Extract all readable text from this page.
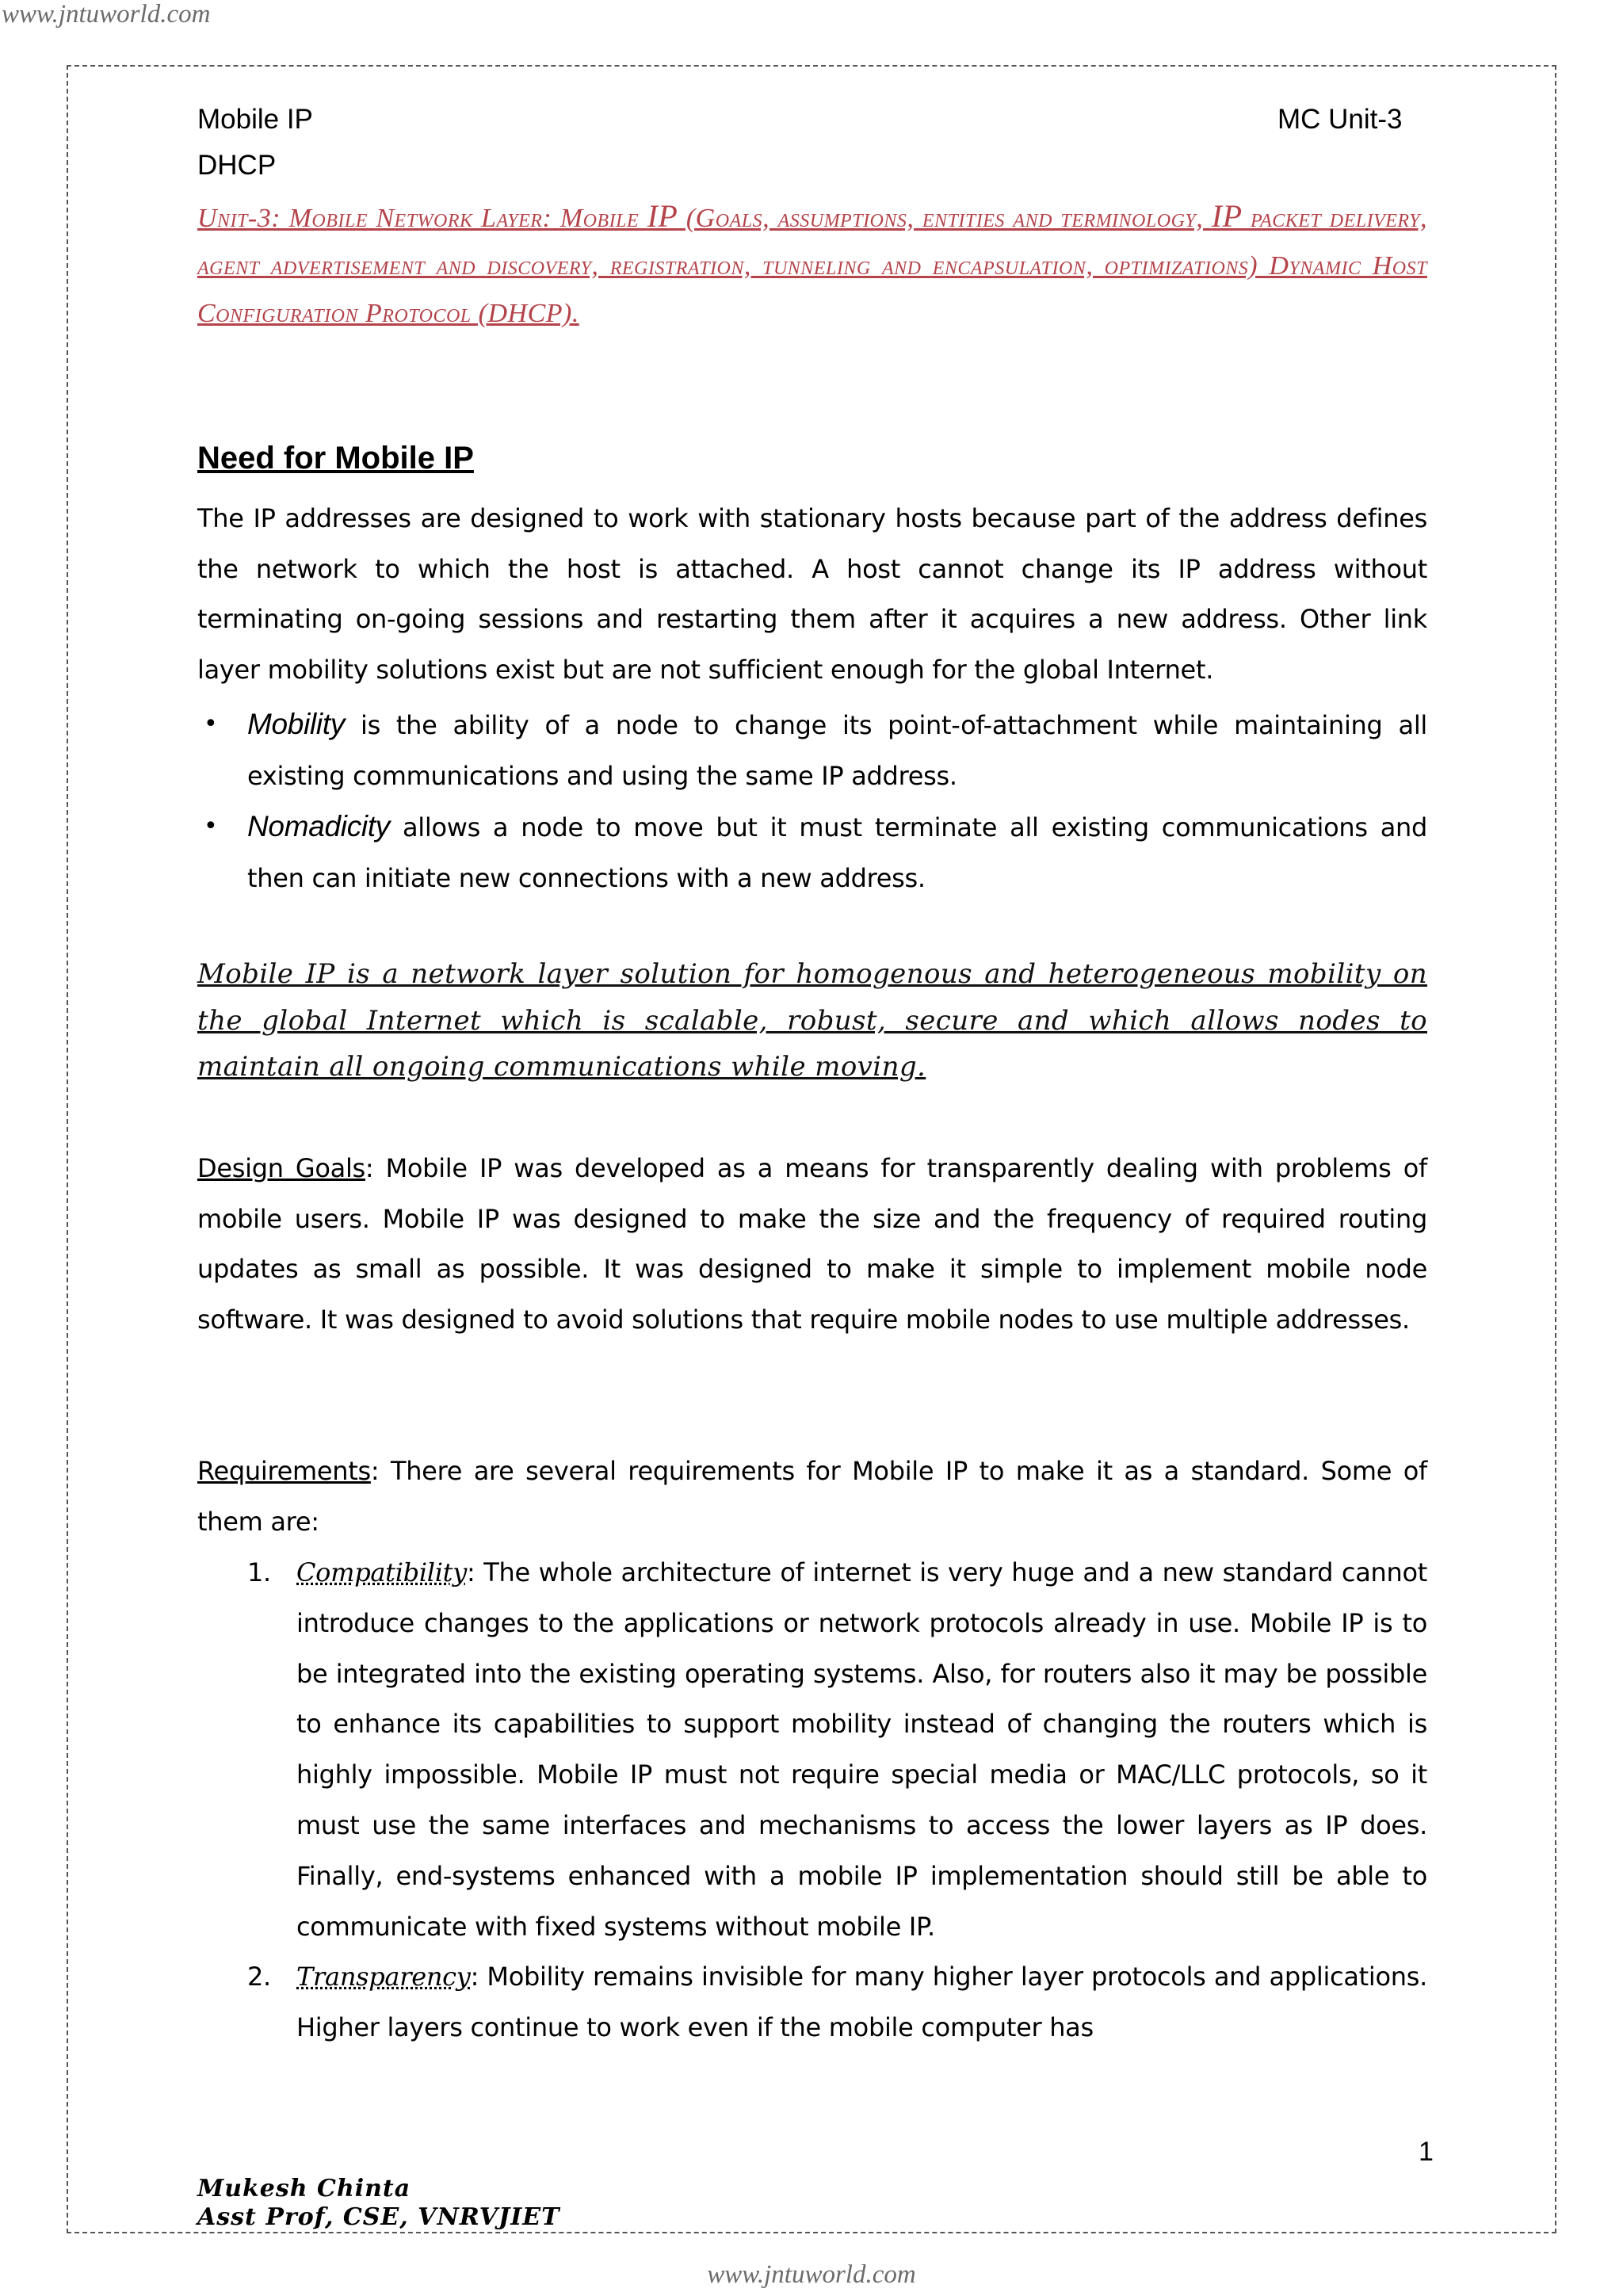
www.jntuworld.com
Mobile IP
DHCP
MC Unit-3
Unit-3: Mobile Network Layer: Mobile IP (Goals, assumptions, entities and terminology, IP packet delivery, agent advertisement and discovery, registration, tunneling and encapsulation, optimizations) Dynamic Host Configuration Protocol (DHCP).
Need for Mobile IP
The IP addresses are designed to work with stationary hosts because part of the address defines the network to which the host is attached. A host cannot change its IP address without terminating on-going sessions and restarting them after it acquires a new address. Other link layer mobility solutions exist but are not sufficient enough for the global Internet.
• Mobility is the ability of a node to change its point-of-attachment while maintaining all existing communications and using the same IP address.
• Nomadicity allows a node to move but it must terminate all existing communications and then can initiate new connections with a new address.
Mobile IP is a network layer solution for homogenous and heterogeneous mobility on the global Internet which is scalable, robust, secure and which allows nodes to maintain all ongoing communications while moving.
Design Goals: Mobile IP was developed as a means for transparently dealing with problems of mobile users. Mobile IP was designed to make the size and the frequency of required routing updates as small as possible. It was designed to make it simple to implement mobile node software. It was designed to avoid solutions that require mobile nodes to use multiple addresses.
Requirements: There are several requirements for Mobile IP to make it as a standard. Some of them are:
1. Compatibility: The whole architecture of internet is very huge and a new standard cannot introduce changes to the applications or network protocols already in use. Mobile IP is to be integrated into the existing operating systems. Also, for routers also it may be possible to enhance its capabilities to support mobility instead of changing the routers which is highly impossible. Mobile IP must not require special media or MAC/LLC protocols, so it must use the same interfaces and mechanisms to access the lower layers as IP does. Finally, end-systems enhanced with a mobile IP implementation should still be able to communicate with fixed systems without mobile IP.
2. Transparency: Mobility remains invisible for many higher layer protocols and applications. Higher layers continue to work even if the mobile computer has
1
Mukesh Chinta
Asst Prof, CSE, VNRVJIET
www.jntuworld.com
